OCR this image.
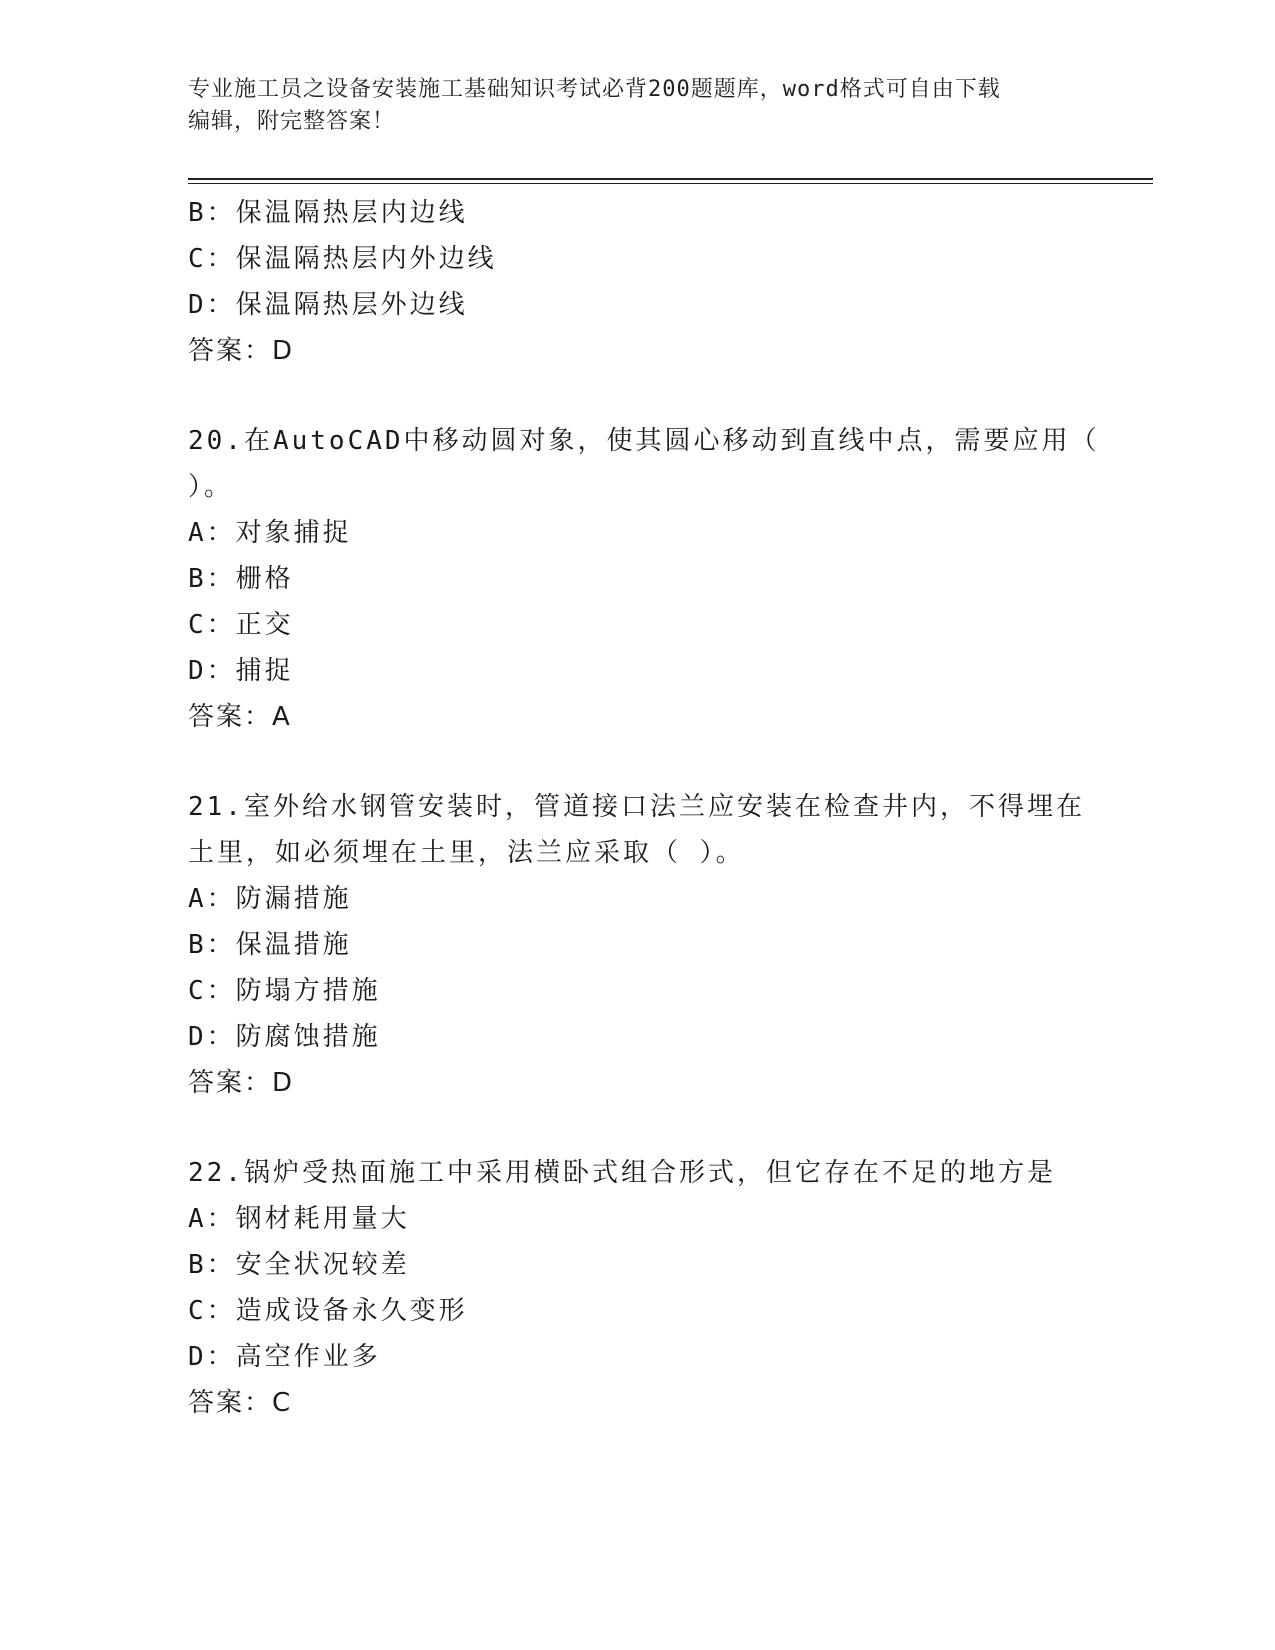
专业施工员之设备安装施工基础知识考试必背200题题库，word格式可自由下载
编辑，附完整答案！
B：保温隔热层内边线
C：保温隔热层内外边线
D：保温隔热层外边线
答案：D
20.在AutoCAD中移动圆对象，使其圆心移动到直线中点，需要应用（
）。
A：对象捕捉
B：栅格
C：正交
D：捕捉
答案：A
21.室外给水钢管安装时，管道接口法兰应安装在检查井内，不得埋在
土里，如必须埋在土里，法兰应采取（ ）。
A：防漏措施
B：保温措施
C：防塌方措施
D：防腐蚀措施
答案：D
22.锅炉受热面施工中采用横卧式组合形式，但它存在不足的地方是
A：钢材耗用量大
B：安全状况较差
C：造成设备永久变形
D：高空作业多
答案：C
